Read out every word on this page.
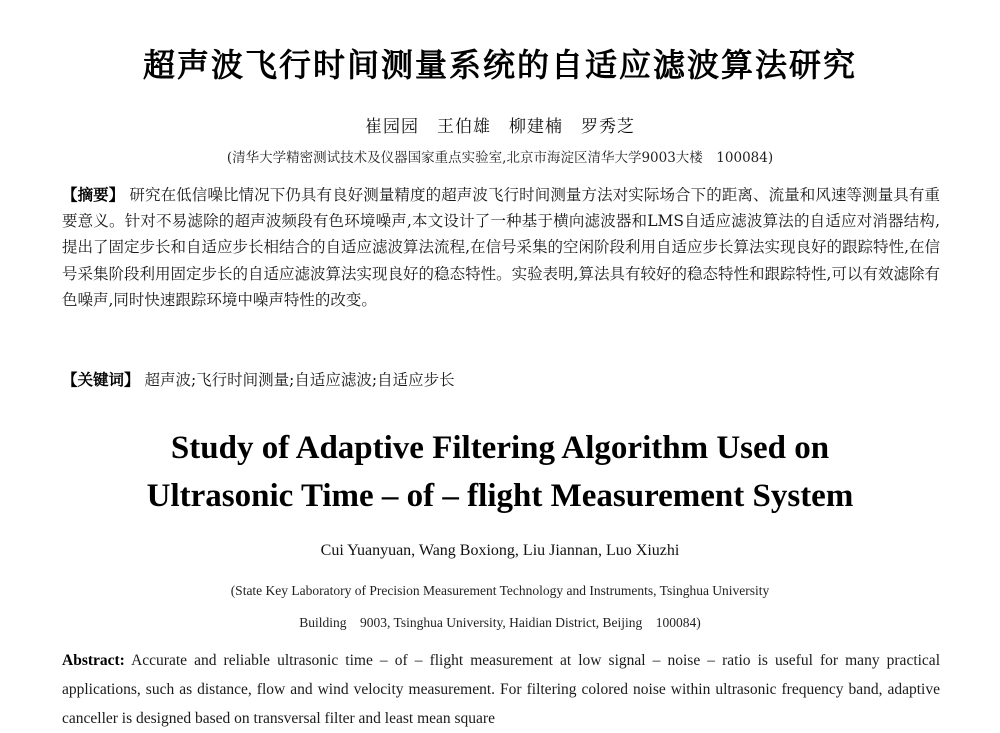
超声波飞行时间测量系统的自适应滤波算法研究
崔园园　王伯雄　柳建楠　罗秀芝
(清华大学精密测试技术及仪器国家重点实验室,北京市海淀区清华大学9003大楼　100084)
【摘要】 研究在低信噪比情况下仍具有良好测量精度的超声波飞行时间测量方法对实际场合下的距离、流量和风速等测量具有重要意义。针对不易滤除的超声波频段有色环境噪声,本文设计了一种基于横向滤波器和LMS自适应滤波算法的自适应对消器结构,提出了固定步长和自适应步长相结合的自适应滤波算法流程,在信号采集的空闲阶段利用自适应步长算法实现良好的跟踪特性,在信号采集阶段利用固定步长的自适应滤波算法实现良好的稳态特性。实验表明,算法具有较好的稳态特性和跟踪特性,可以有效滤除有色噪声,同时快速跟踪环境中噪声特性的改变。
【关键词】 超声波;飞行时间测量;自适应滤波;自适应步长
Study of Adaptive Filtering Algorithm Used on
Ultrasonic Time – of – flight Measurement System
Cui Yuanyuan, Wang Boxiong, Liu Jiannan, Luo Xiuzhi
(State Key Laboratory of Precision Measurement Technology and Instruments, Tsinghua University
Building　9003, Tsinghua University, Haidian District, Beijing　100084)
Abstract: Accurate and reliable ultrasonic time – of – flight measurement at low signal – noise – ratio is useful for many practical applications, such as distance, flow and wind velocity measurement. For filtering colored noise within ultrasonic frequency band, adaptive canceller is designed based on transversal filter and least mean square
